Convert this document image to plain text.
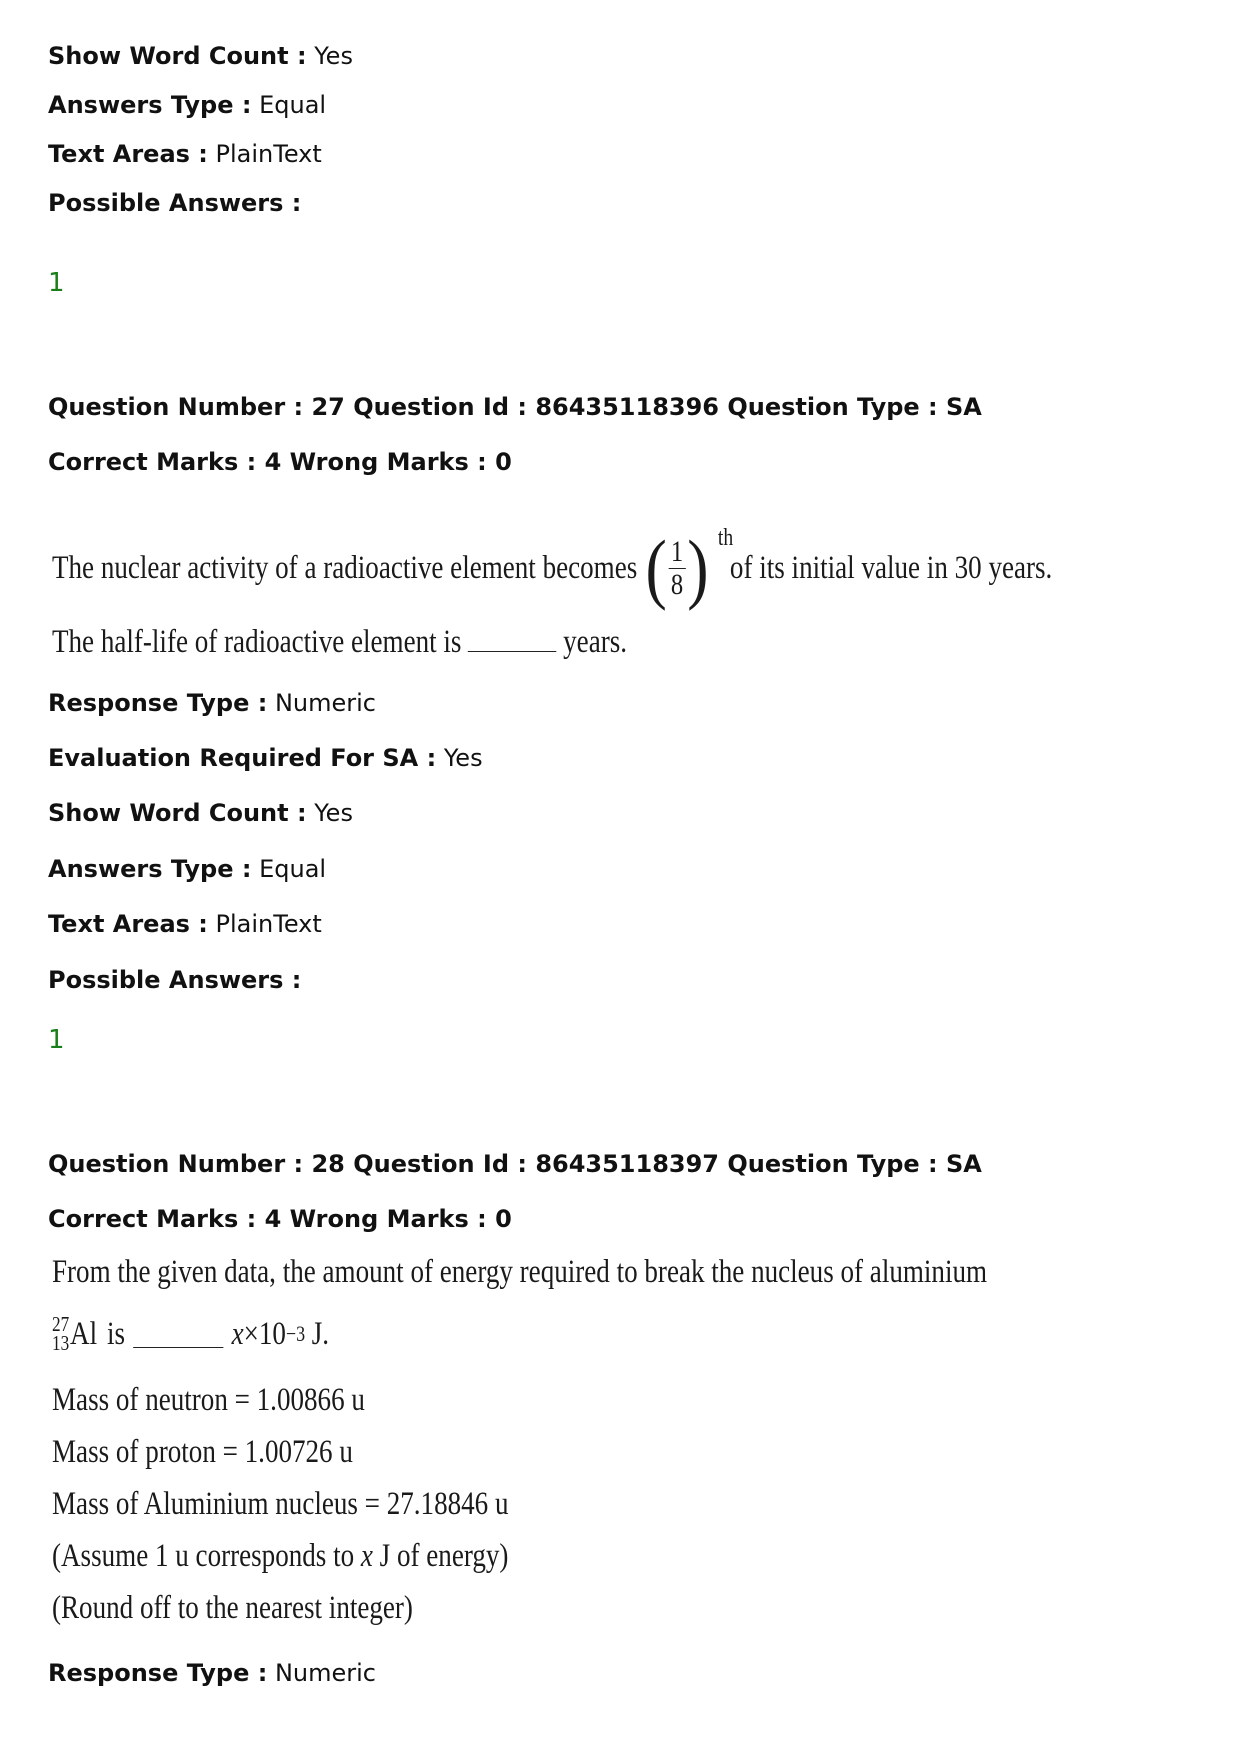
Show Word Count : Yes
Answers Type : Equal
Text Areas : PlainText
Possible Answers :
1
Question Number : 27 Question Id : 86435118396 Question Type : SA
Correct Marks : 4 Wrong Marks : 0
The nuclear activity of a radioactive element becomes ( $\frac{1}{8}$ ) th
of its initial value in 30 years.
The half-life of radioactive element is	years.
Response Type : Numeric
Evaluation Required For SA : Yes
Show Word Count : Yes
Answers Type : Equal
Text Areas : PlainText
Possible Answers :
1
Question Number : 28 Question Id : 86435118397 Question Type : SA
Correct Marks : 4 Wrong Marks : 0
From the given data, the amount of energy required to break the nucleus of aluminium
27
13 Al is	x ×10 −3 J.
Mass of neutron = 1.00866 u
Mass of proton = 1.00726 u
Mass of Aluminium nucleus = 27.18846 u
(Assume 1 u corresponds to x J of energy)
(Round off to the nearest integer)
Response Type : Numeric
